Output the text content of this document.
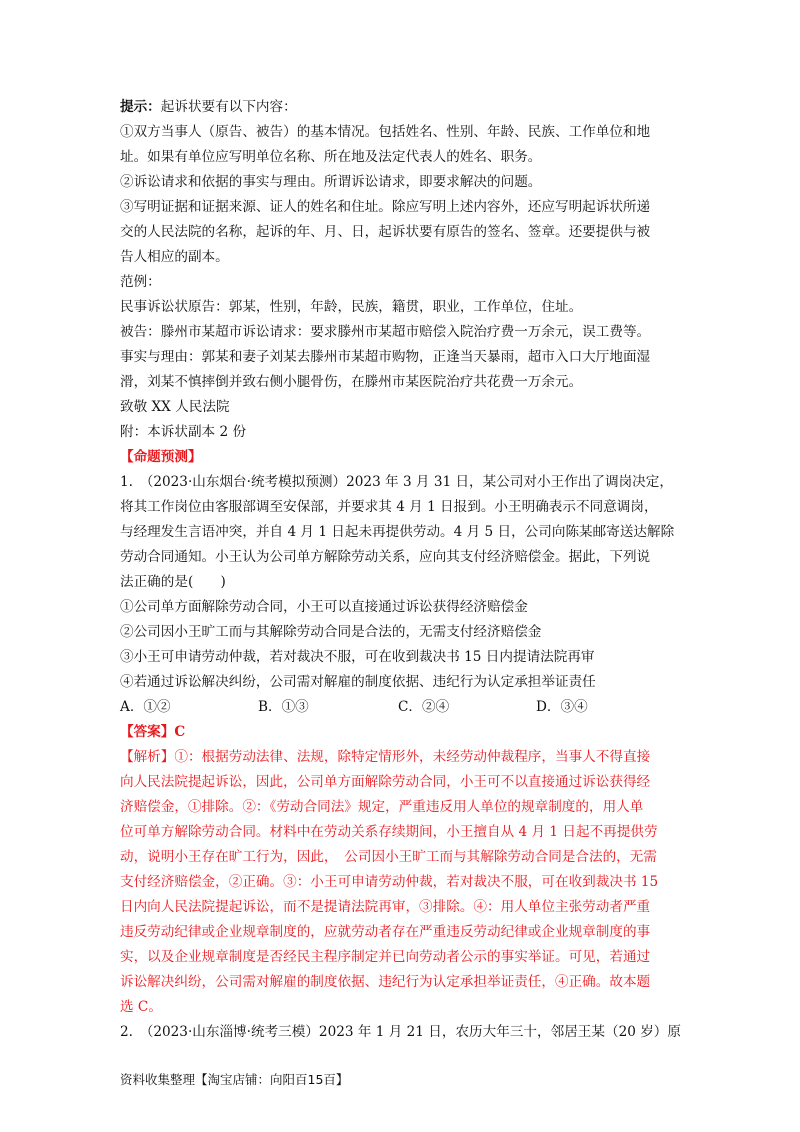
提示：起诉状要有以下内容：
①双方当事人（原告、被告）的基本情况。包括姓名、性别、年龄、民族、工作单位和地
址。如果有单位应写明单位名称、所在地及法定代表人的姓名、职务。
②诉讼请求和依据的事实与理由。所谓诉讼请求，即要求解决的问题。
③写明证据和证据来源、证人的姓名和住址。除应写明上述内容外，还应写明起诉状所递
交的人民法院的名称，起诉的年、月、日，起诉状要有原告的签名、签章。还要提供与被
告人相应的副本。
范例：
民事诉讼状原告：郭某，性别，年龄，民族，籍贯，职业，工作单位，住址。
被告：滕州市某超市诉讼请求：要求滕州市某超市赔偿入院治疗费一万余元，误工费等。
事实与理由：郭某和妻子刘某去滕州市某超市购物，正逢当天暴雨，超市入口大厅地面湿
滑，刘某不慎摔倒并致右侧小腿骨伤，在滕州市某医院治疗共花费一万余元。
致敬 XX 人民法院
附：本诉状副本 2 份
【命题预测】
1.　（2023·山东烟台·统考模拟预测）2023 年 3 月 31 日，某公司对小王作出了调岗决定，
将其工作岗位由客服部调至安保部，并要求其 4 月 1 日报到。小王明确表示不同意调岗，
与经理发生言语冲突，并自 4 月 1 日起未再提供劳动。4 月 5 日，公司向陈某邮寄送达解除
劳动合同通知。小王认为公司单方解除劳动关系，应向其支付经济赔偿金。据此，下列说
法正确的是(　　)
①公司单方面解除劳动合同，小王可以直接通过诉讼获得经济赔偿金
②公司因小王旷工而与其解除劳动合同是合法的，无需支付经济赔偿金
③小王可申请劳动仲裁，若对裁决不服，可在收到裁决书 15 日内提请法院再审
④若通过诉讼解决纠纷，公司需对解雇的制度依据、违纪行为认定承担举证责任
A．①②	B．①③	C．②④	D．③④
【答案】C
【解析】①：根据劳动法律、法规，除特定情形外，未经劳动仲裁程序，当事人不得直接
向人民法院提起诉讼，因此，公司单方面解除劳动合同，小王可不以直接通过诉讼获得经
济赔偿金，①排除。②：《劳动合同法》规定，严重违反用人单位的规章制度的，用人单
位可单方解除劳动合同。材料中在劳动关系存续期间，小王擅自从 4 月 1 日起不再提供劳
动，说明小王存在旷工行为，因此，　公司因小王旷工而与其解除劳动合同是合法的，无需
支付经济赔偿金，②正确。③：小王可申请劳动仲裁，若对裁决不服，可在收到裁决书 15
日内向人民法院提起诉讼，而不是提请法院再审，③排除。④：用人单位主张劳动者严重
违反劳动纪律或企业规章制度的，应就劳动者存在严重违反劳动纪律或企业规章制度的事
实，以及企业规章制度是否经民主程序制定并已向劳动者公示的事实举证。可见，若通过
诉讼解决纠纷，公司需对解雇的制度依据、违纪行为认定承担举证责任，④正确。故本题
选 C。
2.　（2023·山东淄博·统考三模）2023 年 1 月 21 日，农历大年三十，邻居王某（20 岁）原
资料收集整理【淘宝店铺：向阳百15百】
